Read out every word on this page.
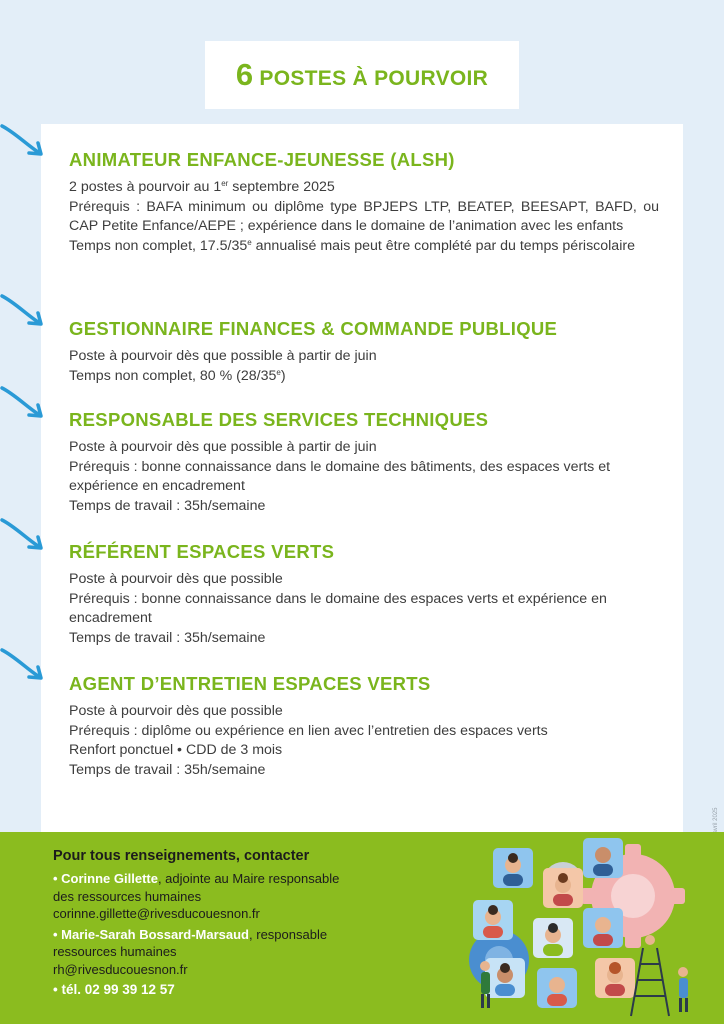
6 POSTES À POURVOIR
ANIMATEUR ENFANCE-JEUNESSE (ALSH)

2 postes à pourvoir au 1er septembre 2025

Prérequis : BAFA minimum ou diplôme type BPJEPS LTP, BEATEP, BEESAPT, BAFD, ou CAP Petite Enfance/AEPE ; expérience dans le domaine de l’animation avec les enfants

Temps non complet, 17.5/35e annualisé mais peut être complété par du temps périscolaire

GESTIONNAIRE FINANCES & COMMANDE PUBLIQUE

Poste à pourvoir dès que possible à partir de juin

Temps non complet, 80 % (28/35e)

RESPONSABLE DES SERVICES TECHNIQUES

Poste à pourvoir dès que possible à partir de juin

Prérequis : bonne connaissance dans le domaine des bâtiments, des espaces verts et expérience en encadrement

Temps de travail : 35h/semaine

RÉFÉRENT ESPACES VERTS

Poste à pourvoir dès que possible

Prérequis : bonne connaissance dans le domaine des espaces verts et expérience en encadrement

Temps de travail : 35h/semaine

AGENT D’ENTRETIEN ESPACES VERTS

Poste à pourvoir dès que possible

Prérequis : diplôme ou expérience en lien avec l’entretien des espaces verts

Renfort ponctuel • CDD de 3 mois

Temps de travail : 35h/semaine

Pour tous renseignements, contacter
• Corinne Gillette, adjointe au Maire responsable
des ressources humaines
corinne.gillette@rivesducouesnon.fr
• Marie-Sarah Bossard-Marsaud, responsable
ressources humaines
rh@rivesducouesnon.fr
• tél. 02 99 39 12 57
